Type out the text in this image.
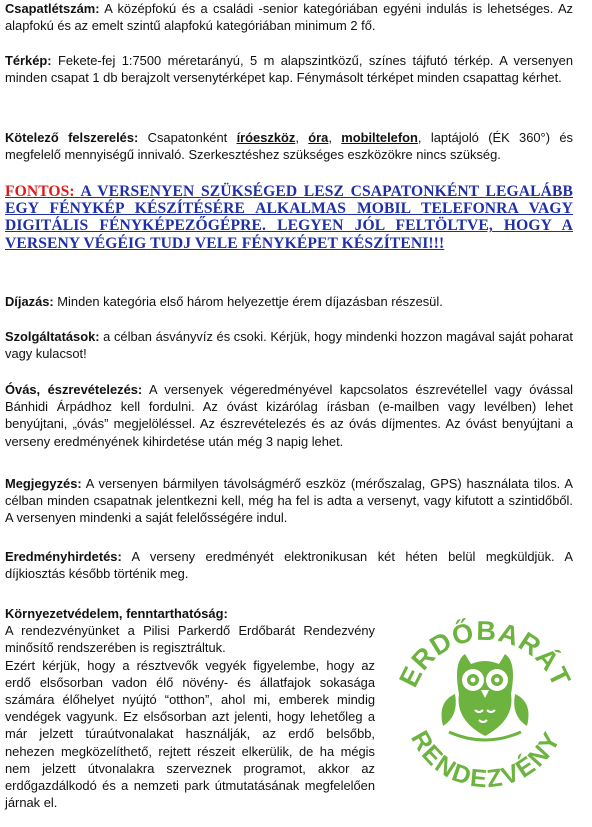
Csapatlétszám: A középfokú és a családi -senior kategóriában egyéni indulás is lehetséges. Az alapfokú és az emelt szintű alapfokú kategóriában minimum 2 fő.

Térkép: Fekete-fej 1:7500 méretarányú, 5 m alapszintközű, színes tájfutó térkép. A versenyen minden csapat 1 db berajzolt versenytérképet kap. Fénymásolt térképet minden csapattag kérhet.

Kötelező felszerelés: Csapatonként íróeszköz, óra, mobiltelefon, laptájoló (ÉK 360°) és megfelelő mennyiségű innivaló. Szerkesztéshez szükséges eszközökre nincs szükség.

FONTOS: A VERSENYEN SZÜKSÉGED LESZ CSAPATONKÉNT LEGALÁBB EGY FÉNYKÉP KÉSZÍTÉSÉRE ALKALMAS MOBIL TELEFONRA VAGY DIGITÁLIS FÉNYKÉPEZŐGÉPRE. LEGYEN JÓL FELTÖLTVE, HOGY A VERSENY VÉGÉIG TUDJ VELE FÉNYKÉPET KÉSZÍTENI!!!

Díjazás: Minden kategória első három helyezettje érem díjazásban részesül.

Szolgáltatások: a célban ásványvíz és csoki. Kérjük, hogy mindenki hozzon magával saját poharat vagy kulacsot!

Óvás, észrevételezés: A versenyek végeredményével kapcsolatos észrevétellel vagy óvással Bánhidi Árpádhoz kell fordulni. Az óvást kizárólag írásban (e-mailben vagy levélben) lehet benyújtani, „óvás” megjelöléssel. Az észrevételezés és az óvás díjmentes. Az óvást benyújtani a verseny eredményének kihirdetése után még 3 napig lehet.

Megjegyzés: A versenyen bármilyen távolságmérő eszköz (mérőszalag, GPS) használata tilos. A célban minden csapatnak jelentkezni kell, még ha fel is adta a versenyt, vagy kifutott a szintidőből. A versenyen mindenki a saját felelősségére indul.

Eredményhirdetés: A verseny eredményét elektronikusan két héten belül megküldjük. A díjkiosztás később történik meg.

Környezetvédelem, fenntarthatóság:

A rendezvényünket a Pilisi Parkerdő Erdőbarát Rendezvény minősítő rendszerében is regisztráltuk.

Ezért kérjük, hogy a résztvevők vegyék figyelembe, hogy az erdő elsősorban vadon élő növény- és állatfajok sokasága számára élőhelyet nyújtó “otthon”, ahol mi, emberek mindig vendégek vagyunk. Ez elsősorban azt jelenti, hogy lehetőleg a már jelzett túraútvonalakat használják, az erdő belsőbb, nehezen megközelíthető, rejtett részeit elkerülik, de ha mégis nem jelzett útvonalakra szerveznek programot, akkor az erdőgazdálkodó és a nemzeti park útmutatásának megfelelően járnak el.

ERDŐBARÁT
RENDEZVÉNY
